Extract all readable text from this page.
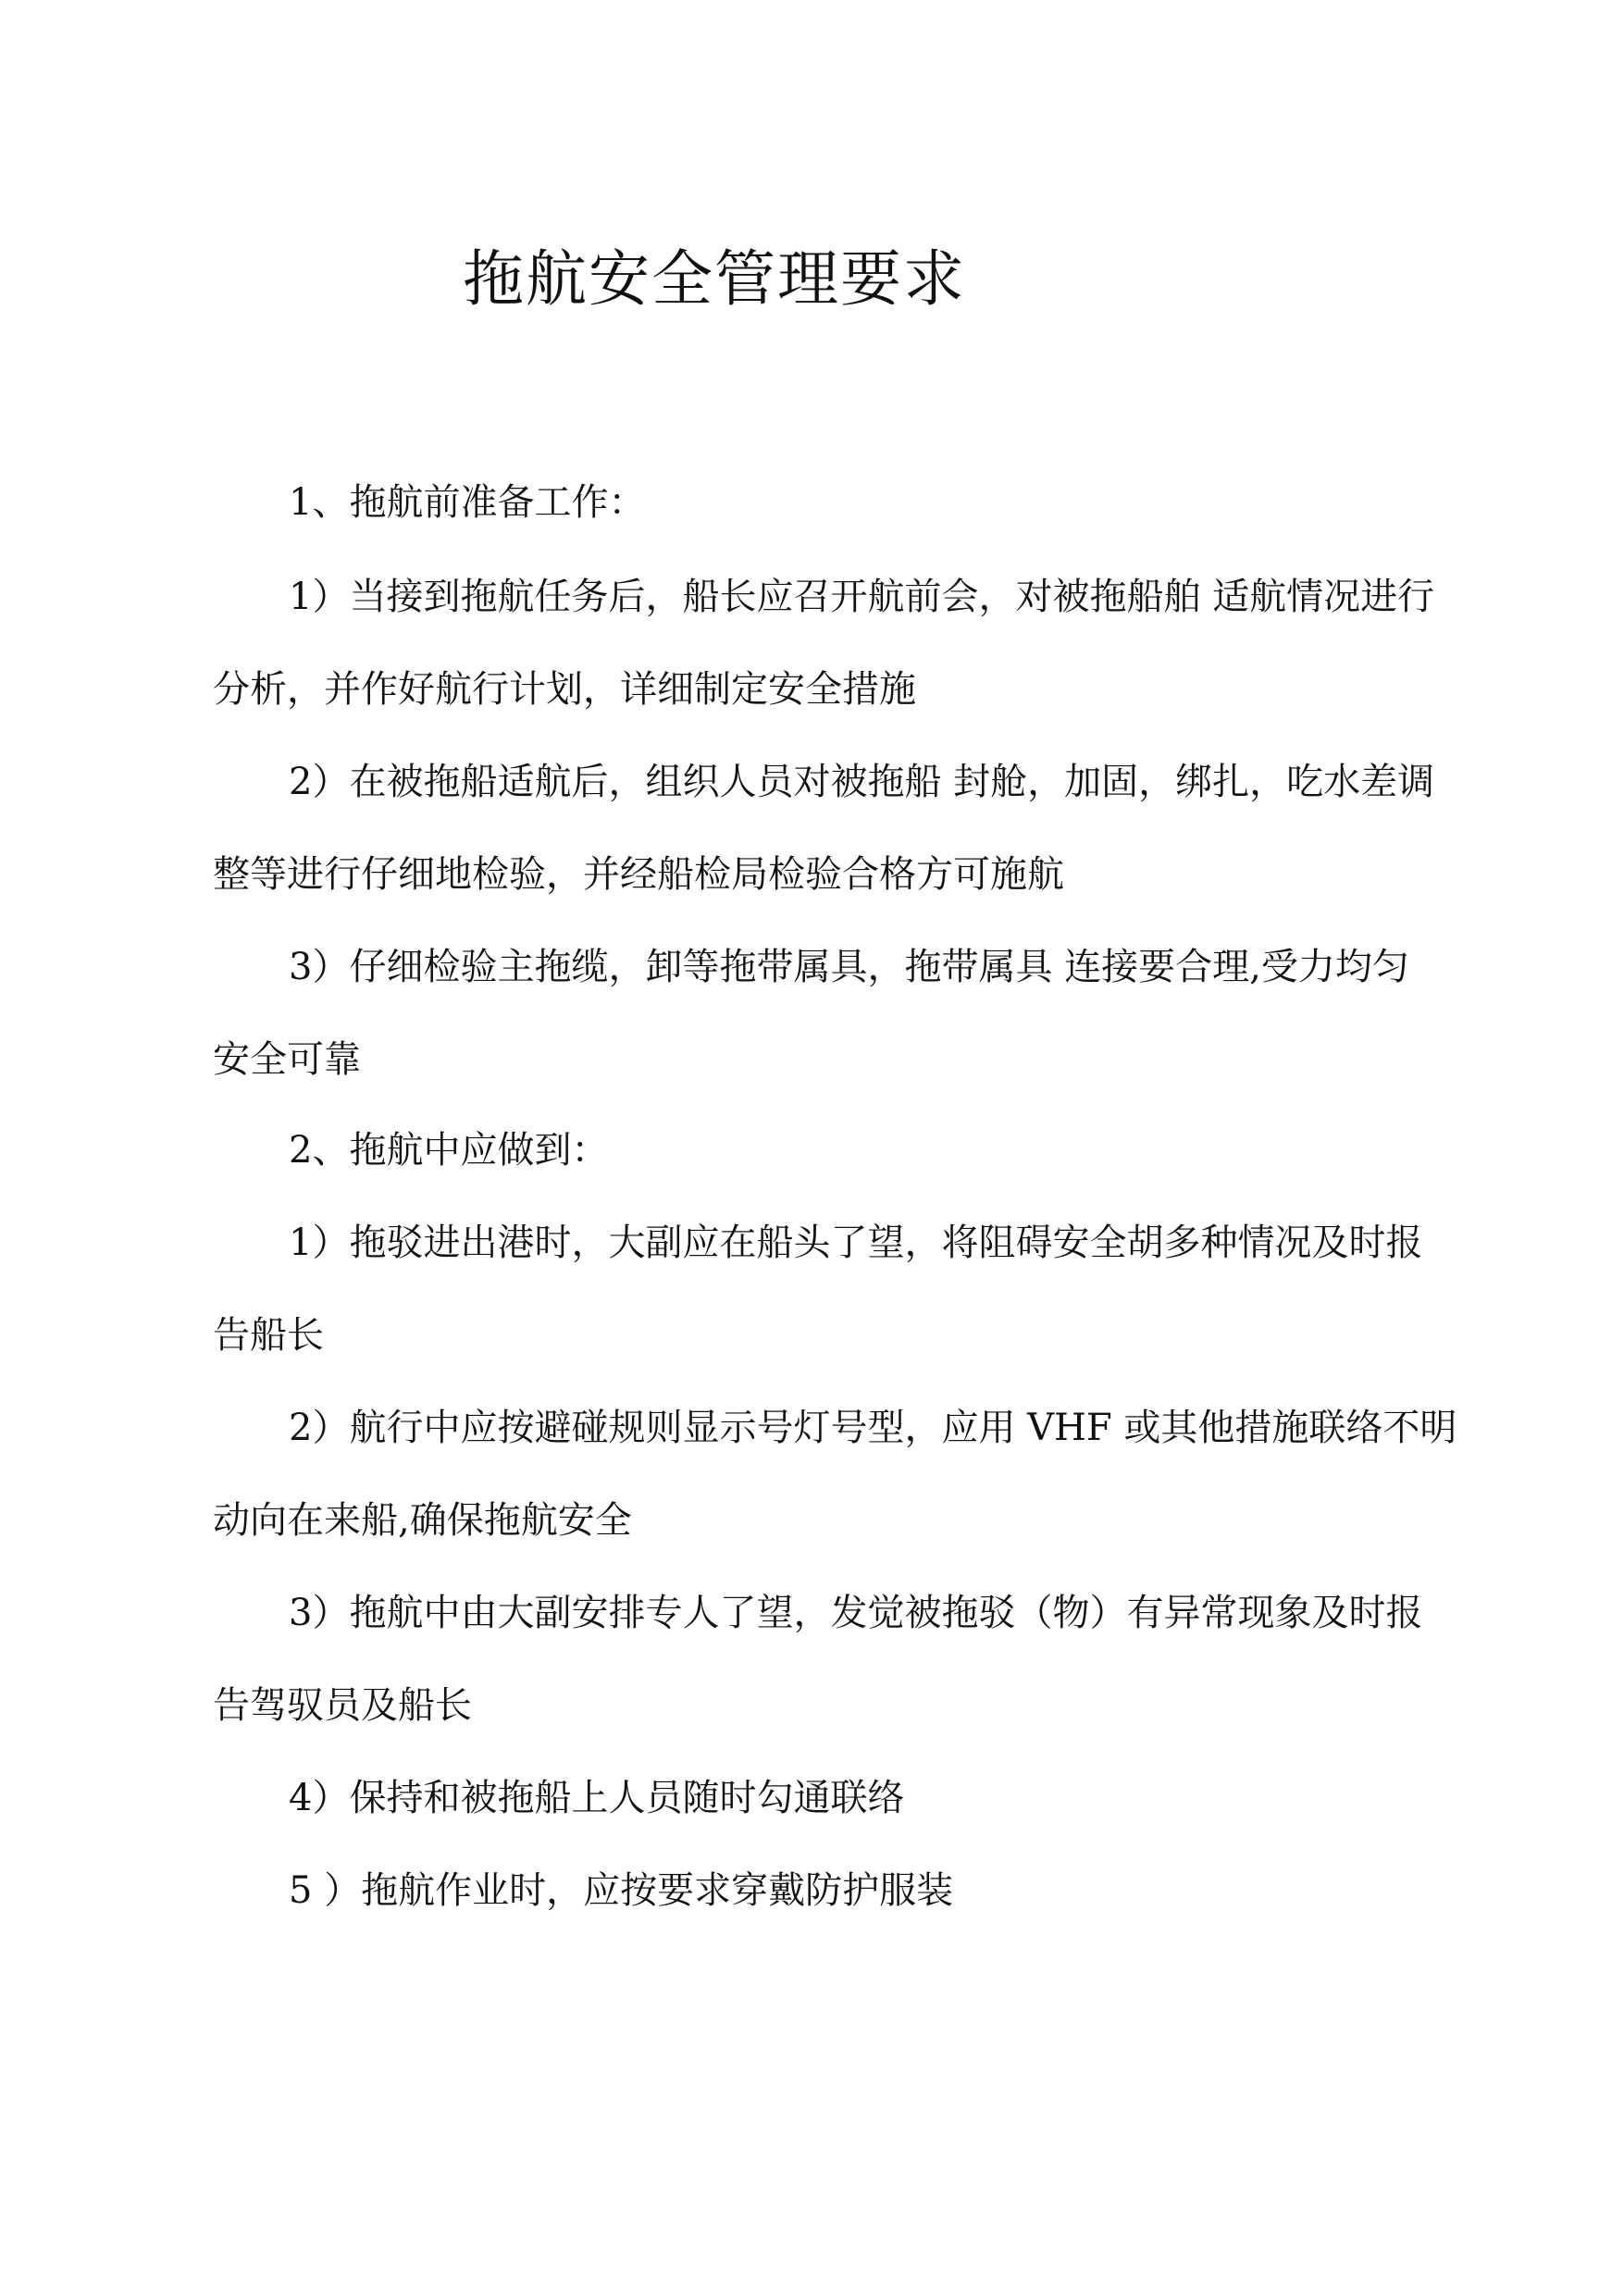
拖航安全管理要求
1、拖航前准备工作：
1）当接到拖航任务后，船长应召开航前会，对被拖船舶 适航情况进行
分析，并作好航行计划，详细制定安全措施
2）在被拖船适航后，组织人员对被拖船 封舱，加固，绑扎，吃水差调
整等进行仔细地检验，并经船检局检验合格方可施航
3）仔细检验主拖缆，卸等拖带属具，拖带属具 连接要合理,受力均匀
安全可靠
2、拖航中应做到：
1）拖驳进出港时，大副应在船头了望，将阻碍安全胡多种情况及时报
告船长
2）航行中应按避碰规则显示号灯号型，应用 VHF 或其他措施联络不明
动向在来船,确保拖航安全
3）拖航中由大副安排专人了望，发觉被拖驳（物）有异常现象及时报
告驾驭员及船长
4）保持和被拖船上人员随时勾通联络
5 ）拖航作业时，应按要求穿戴防护服装
